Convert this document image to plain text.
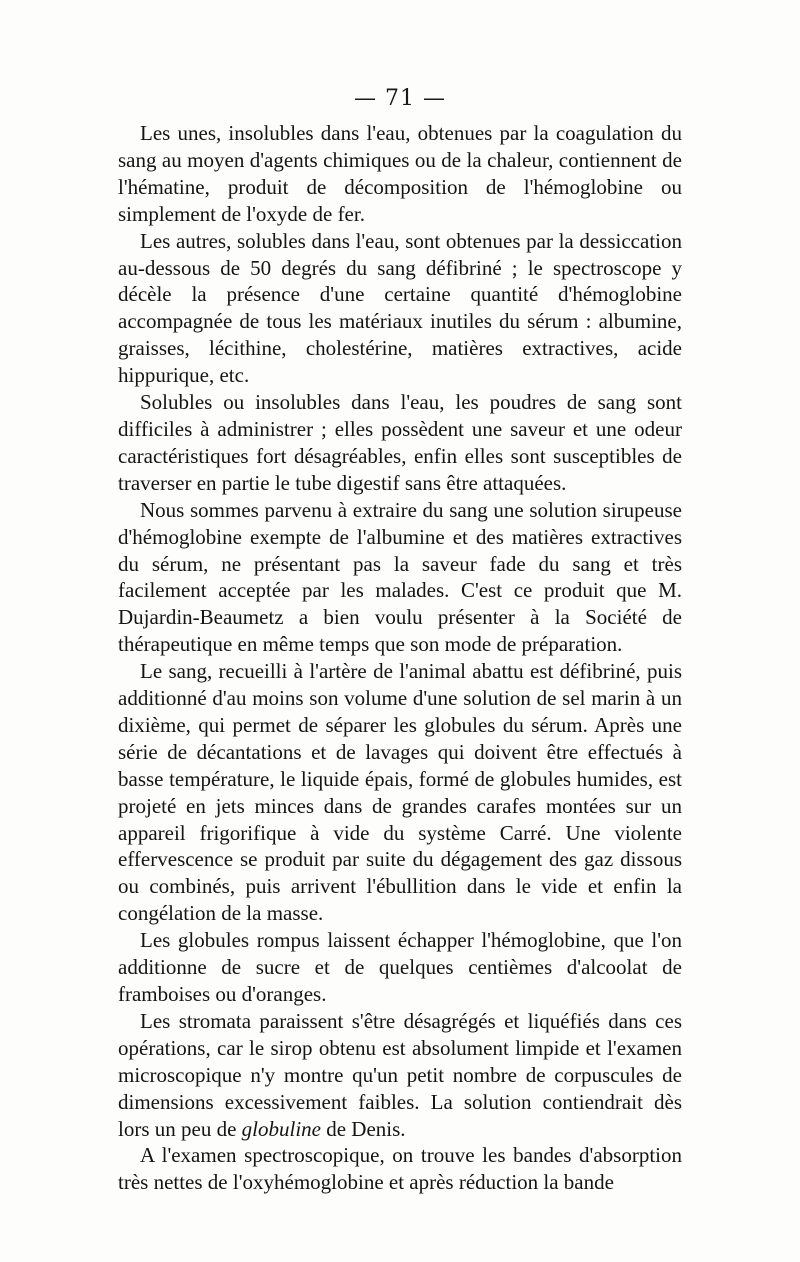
— 71 —

Les unes, insolubles dans l'eau, obtenues par la coagulation du sang au moyen d'agents chimiques ou de la chaleur, contiennent de l'hématine, produit de décomposition de l'hémoglobine ou simplement de l'oxyde de fer.

Les autres, solubles dans l'eau, sont obtenues par la dessiccation au-dessous de 50 degrés du sang défibriné ; le spectroscope y décèle la présence d'une certaine quantité d'hémoglobine accompagnée de tous les matériaux inutiles du sérum : albumine, graisses, lécithine, cholestérine, matières extractives, acide hippurique, etc.

Solubles ou insolubles dans l'eau, les poudres de sang sont difficiles à administrer ; elles possèdent une saveur et une odeur caractéristiques fort désagréables, enfin elles sont susceptibles de traverser en partie le tube digestif sans être attaquées.

Nous sommes parvenu à extraire du sang une solution sirupeuse d'hémoglobine exempte de l'albumine et des matières extractives du sérum, ne présentant pas la saveur fade du sang et très facilement acceptée par les malades. C'est ce produit que M. Dujardin-Beaumetz a bien voulu présenter à la Société de thérapeutique en même temps que son mode de préparation.

Le sang, recueilli à l'artère de l'animal abattu est défibriné, puis additionné d'au moins son volume d'une solution de sel marin à un dixième, qui permet de séparer les globules du sérum. Après une série de décantations et de lavages qui doivent être effectués à basse température, le liquide épais, formé de globules humides, est projeté en jets minces dans de grandes carafes montées sur un appareil frigorifique à vide du système Carré. Une violente effervescence se produit par suite du dégagement des gaz dissous ou combinés, puis arrivent l'ébullition dans le vide et enfin la congélation de la masse.

Les globules rompus laissent échapper l'hémoglobine, que l'on additionne de sucre et de quelques centièmes d'alcoolat de framboises ou d'oranges.

Les stromata paraissent s'être désagrégés et liquéfiés dans ces opérations, car le sirop obtenu est absolument limpide et l'examen microscopique n'y montre qu'un petit nombre de corpuscules de dimensions excessivement faibles. La solution contiendrait dès lors un peu de globuline de Denis.

A l'examen spectroscopique, on trouve les bandes d'absorption très nettes de l'oxyhémoglobine et après réduction la bande
